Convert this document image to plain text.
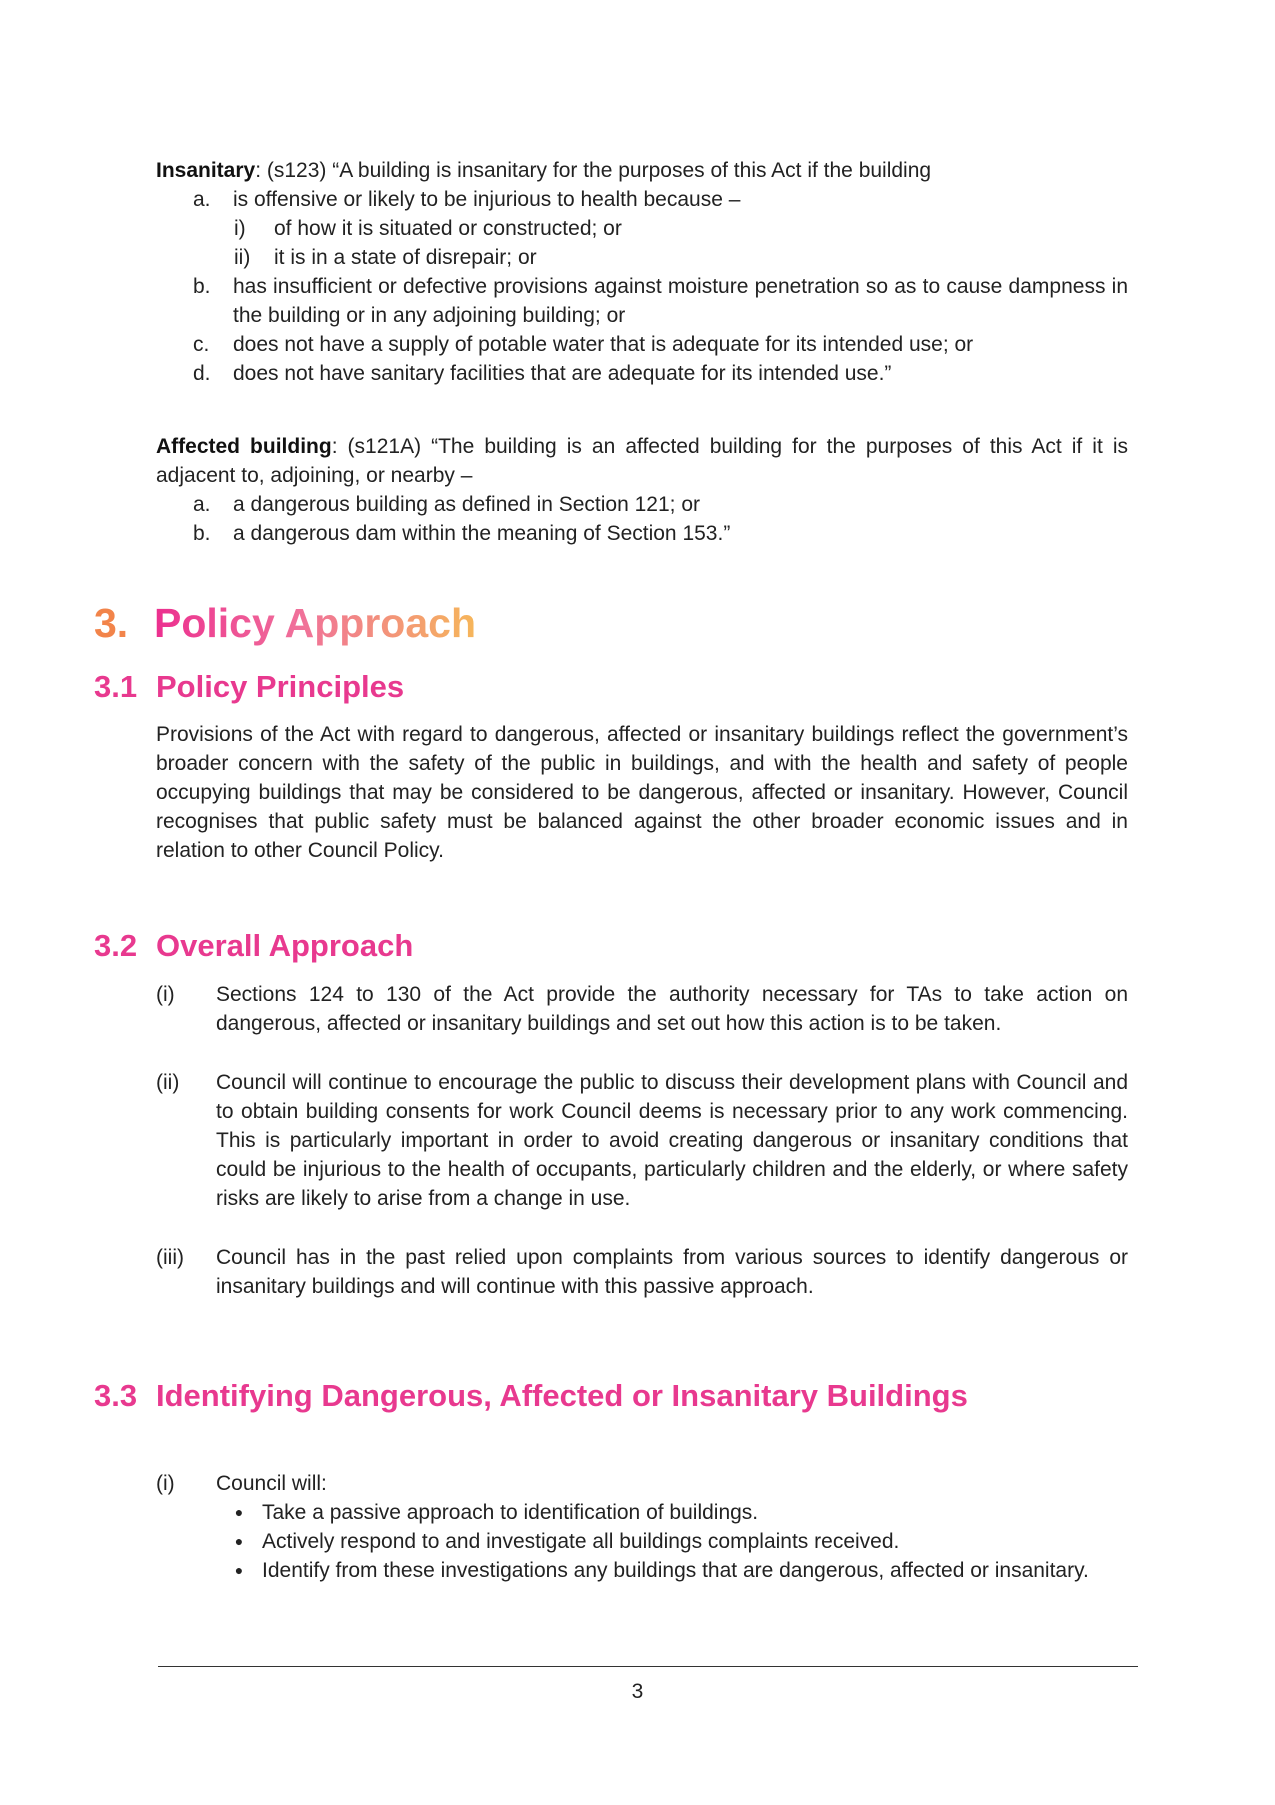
Insanitary: (s123) “A building is insanitary for the purposes of this Act if the building

a.	is offensive or likely to be injurious to health because –
i)	of how it is situated or constructed; or
ii)	it is in a state of disrepair; or
b.	has insufficient or defective provisions against moisture penetration so as to cause dampness in the building or in any adjoining building; or
c.	does not have a supply of potable water that is adequate for its intended use; or
d.	does not have sanitary facilities that are adequate for its intended use.”

Affected building: (s121A) “The building is an affected building for the purposes of this Act if it is adjacent to, adjoining, or nearby –

a.	a dangerous building as defined in Section 121; or
b.	a dangerous dam within the meaning of Section 153.”
3. Policy Approach
3.1 Policy Principles

Provisions of the Act with regard to dangerous, affected or insanitary buildings reflect the government’s broader concern with the safety of the public in buildings, and with the health and safety of people occupying buildings that may be considered to be dangerous, affected or insanitary. However, Council recognises that public safety must be balanced against the other broader economic issues and in relation to other Council Policy.

3.2 Overall Approach
(i)	Sections 124 to 130 of the Act provide the authority necessary for TAs to take action on dangerous, affected or insanitary buildings and set out how this action is to be taken.
(ii)	Council will continue to encourage the public to discuss their development plans with Council and to obtain building consents for work Council deems is necessary prior to any work commencing. This is particularly important in order to avoid creating dangerous or insanitary conditions that could be injurious to the health of occupants, particularly children and the elderly, or where safety risks are likely to arise from a change in use.
(iii)	Council has in the past relied upon complaints from various sources to identify dangerous or insanitary buildings and will continue with this passive approach.
3.3 Identifying Dangerous, Affected or Insanitary Buildings
(i)	Council will:
● Take a passive approach to identification of buildings.
● Actively respond to and investigate all buildings complaints received.
● Identify from these investigations any buildings that are dangerous, affected or insanitary.
3
